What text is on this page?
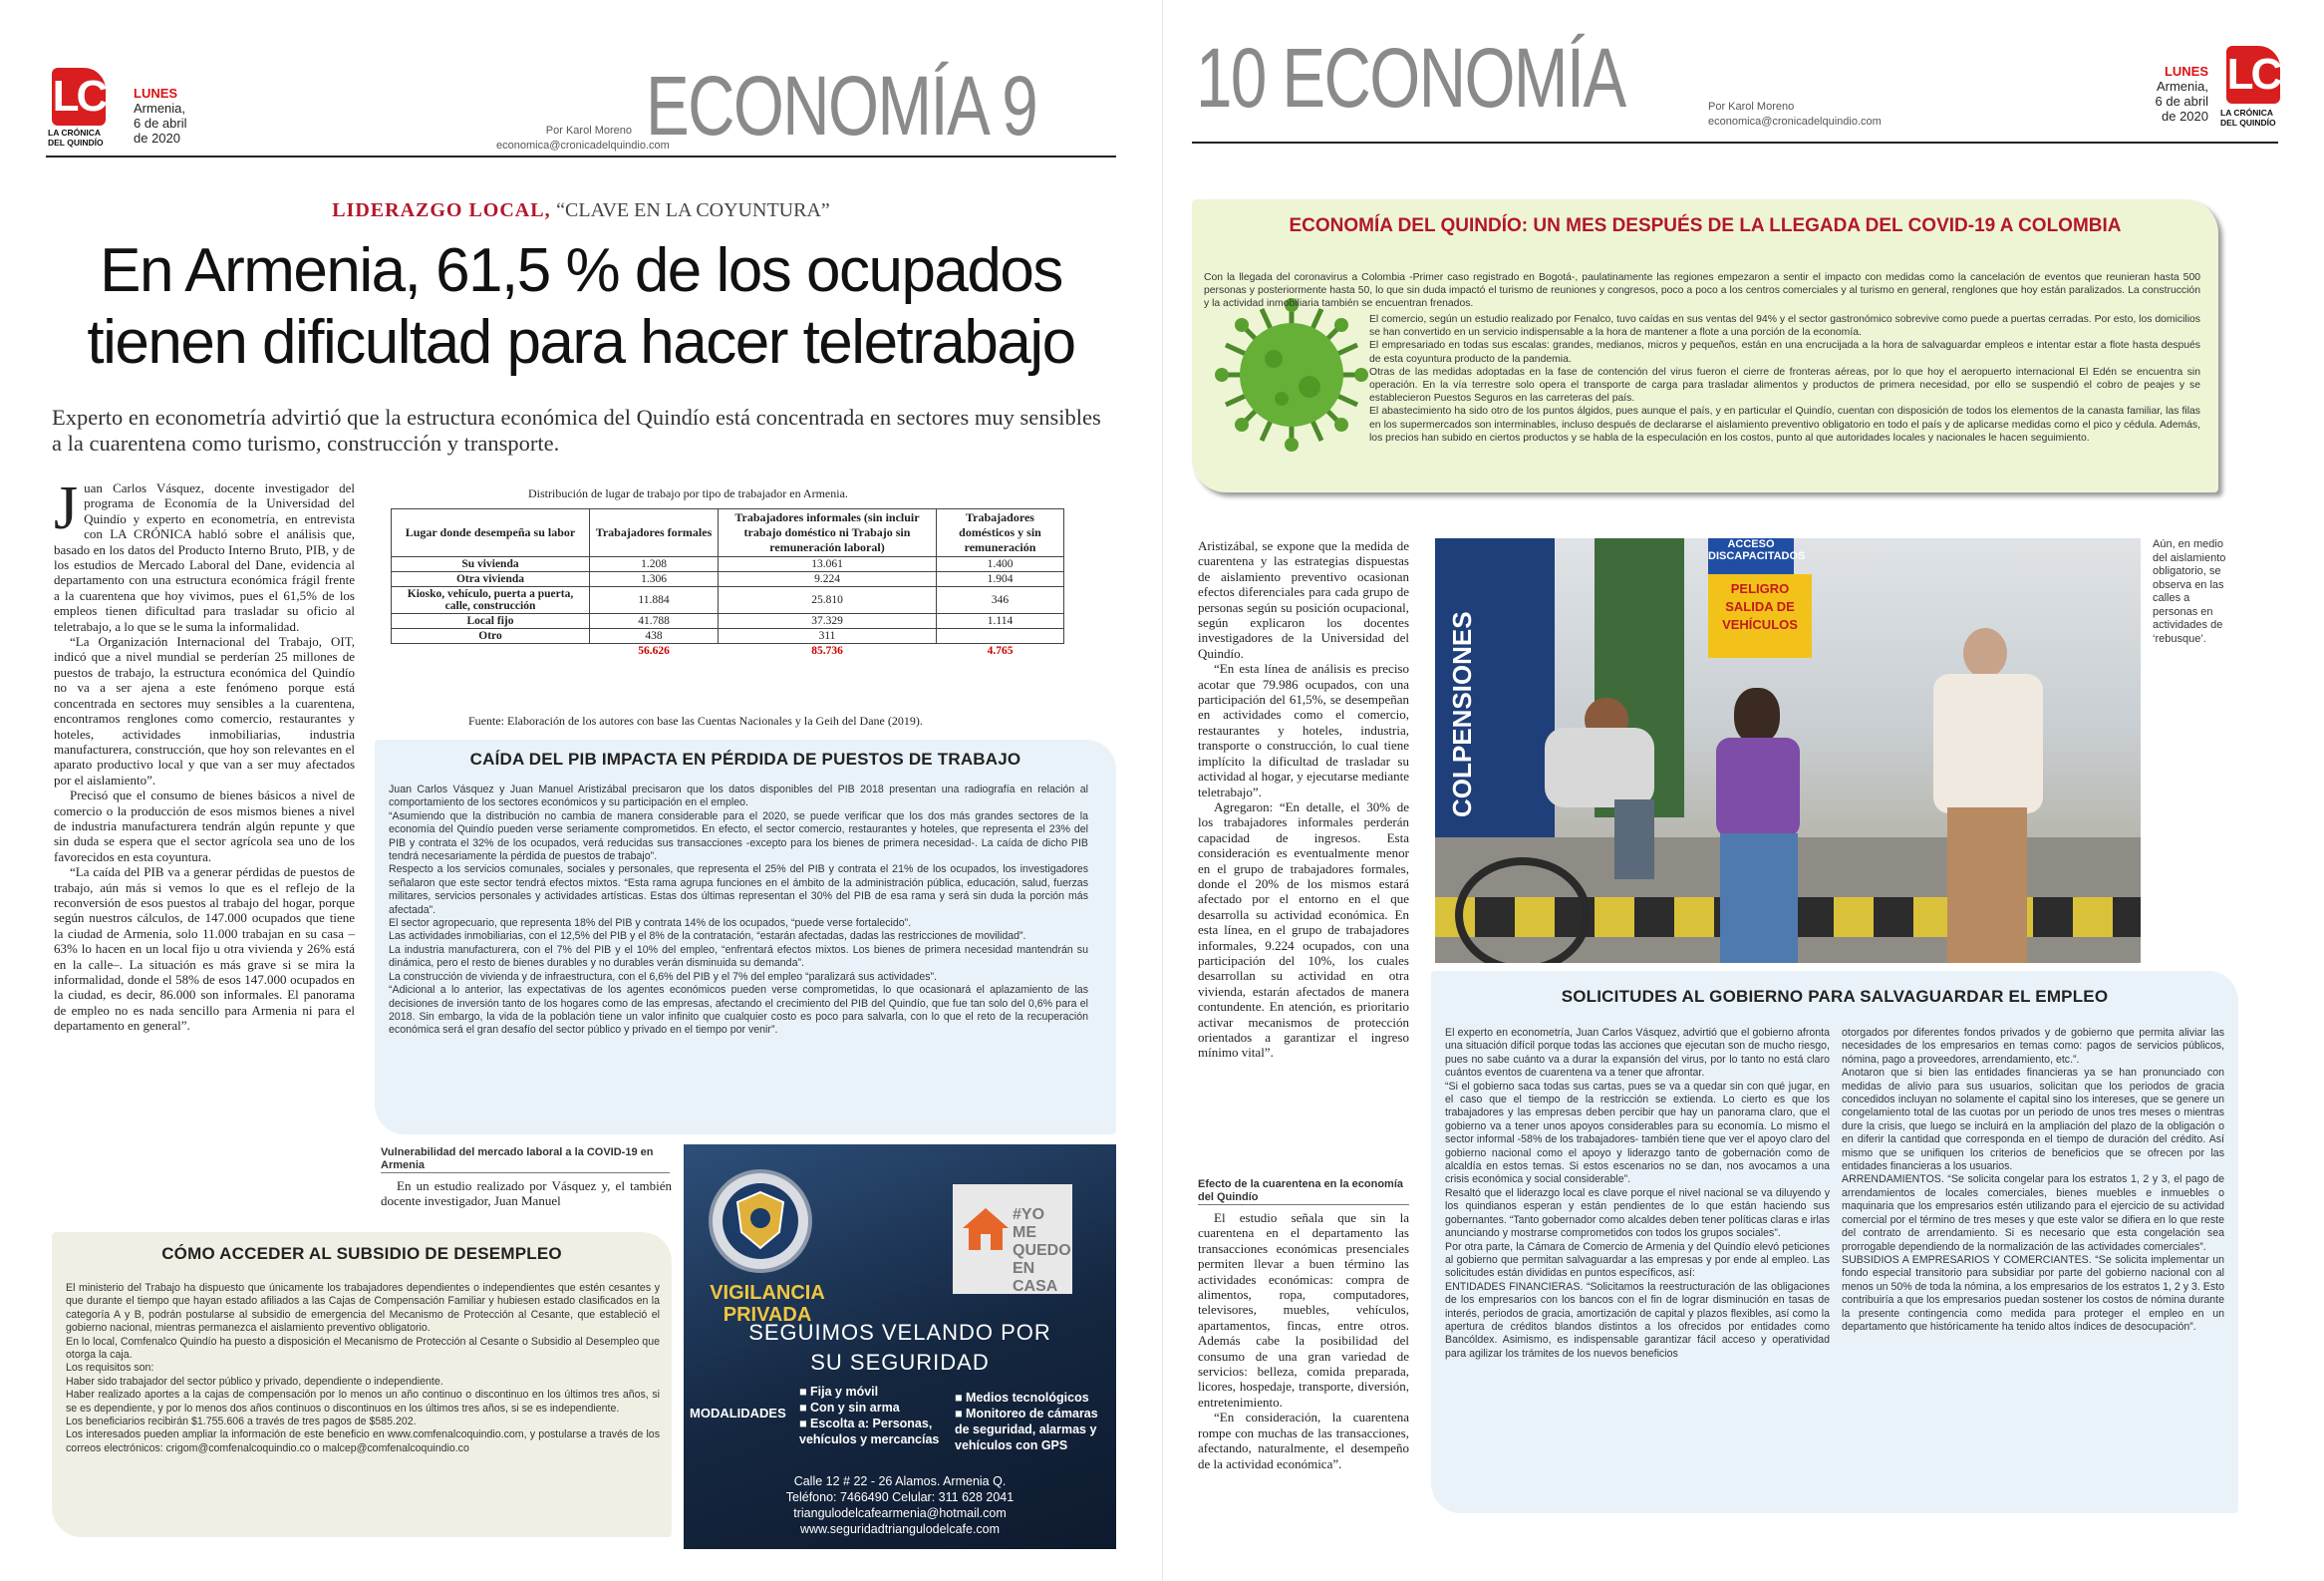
LC
LA CRÓNICA DEL QUINDÍO
LUNES
Armenia,
6 de abril
de 2020	Por Karol Moreno
economica@cronicadelquindio.com
ECONOMÍA 9
LIDERAZGO LOCAL, “CLAVE EN LA COYUNTURA”
En Armenia, 61,5 % de los ocupados
tienen dificultad para hacer teletrabajo
Experto en econometría advirtió que la estructura económica del Quindío está concentrada en sectores muy sensibles a la cuarentena como turismo, construcción y transporte.
J uan Carlos Vásquez, docente investigador del programa de Economía de la Universidad del Quindío y experto en econometría, en entrevista con LA CRÓNICA habló sobre el análisis que, basado en los datos del Producto Interno Bruto, PIB, y de los estudios de Mercado Laboral del Dane, evidencia al departamento con una estructura económica frágil frente a la cuarentena que hoy vivimos, pues el 61,5% de los empleos tienen dificultad para trasladar su oficio al teletrabajo, a lo que se le suma la informalidad.

“La Organización Internacional del Trabajo, OIT, indicó que a nivel mundial se perderían 25 millones de puestos de trabajo, la estructura económica del Quindío no va a ser ajena a este fenómeno porque está concentrada en sectores muy sensibles a la cuarentena, encontramos renglones como comercio, restaurantes y hoteles, actividades inmobiliarias, industria manufacturera, construcción, que hoy son relevantes en el aparato productivo local y que van a ser muy afectados por el aislamiento”.

Precisó que el consumo de bienes básicos a nivel de comercio o la producción de esos mismos bienes a nivel de industria manufacturera tendrán algún repunte y que sin duda se espera que el sector agrícola sea uno de los favorecidos en esta coyuntura.

“La caída del PIB va a generar pérdidas de puestos de trabajo, aún más si vemos lo que es el reflejo de la reconversión de esos puestos al trabajo del hogar, porque según nuestros cálculos, de 147.000 ocupados que tiene la ciudad de Armenia, solo 11.000 trabajan en su casa –63% lo hacen en un local fijo u otra vivienda y 26% está en la calle–. La situación es más grave si se mira la informalidad, donde el 58% de esos 147.000 ocupados en la ciudad, es decir, 86.000 son informales. El panorama de empleo no es nada sencillo para Armenia ni para el departamento en general”.

Distribución de lugar de trabajo por tipo de trabajador en Armenia.
Lugar donde desempeña su labor	Trabajadores formales	Trabajadores informales (sin incluir trabajo doméstico ni Trabajo sin remuneración laboral)	Trabajadores domésticos y sin remuneración
Su vivienda	1.208	13.061	1.400
Otra vivienda	1.306	9.224	1.904
Kiosko, vehículo, puerta a puerta, calle, construcción	11.884	25.810	346
Local fijo	41.788	37.329	1.114
Otro	438	311	
	56.626	85.736	4.765
Fuente: Elaboración de los autores con base las Cuentas Nacionales y la Geih del Dane (2019).
CAÍDA DEL PIB IMPACTA EN PÉRDIDA DE PUESTOS DE TRABAJO

Juan Carlos Vásquez y Juan Manuel Aristizábal precisaron que los datos disponibles del PIB 2018 presentan una radiografía en relación al comportamiento de los sectores económicos y su participación en el empleo.

“Asumiendo que la distribución no cambia de manera considerable para el 2020, se puede verificar que los dos más grandes sectores de la economía del Quindío pueden verse seriamente comprometidos. En efecto, el sector comercio, restaurantes y hoteles, que representa el 23% del PIB y contrata el 32% de los ocupados, verá reducidas sus transacciones -excepto para los bienes de primera necesidad-. La caída de dicho PIB tendrá necesariamente la pérdida de puestos de trabajo”.

Respecto a los servicios comunales, sociales y personales, que representa el 25% del PIB y contrata el 21% de los ocupados, los investigadores señalaron que este sector tendrá efectos mixtos. “Esta rama agrupa funciones en el ámbito de la administración pública, educación, salud, fuerzas militares, servicios personales y actividades artísticas. Estas dos últimas representan el 30% del PIB de esa rama y será sin duda la porción más afectada”.

El sector agropecuario, que representa 18% del PIB y contrata 14% de los ocupados, “puede verse fortalecido”.

Las actividades inmobiliarias, con el 12,5% del PIB y el 8% de la contratación, “estarán afectadas, dadas las restricciones de movilidad”.

La industria manufacturera, con el 7% del PIB y el 10% del empleo, “enfrentará efectos mixtos. Los bienes de primera necesidad mantendrán su dinámica, pero el resto de bienes durables y no durables verán disminuida su demanda”.

La construcción de vivienda y de infraestructura, con el 6,6% del PIB y el 7% del empleo “paralizará sus actividades”.

“Adicional a lo anterior, las expectativas de los agentes económicos pueden verse comprometidas, lo que ocasionará el aplazamiento de las decisiones de inversión tanto de los hogares como de las empresas, afectando el crecimiento del PIB del Quindío, que fue tan solo del 0,6% para el 2018. Sin embargo, la vida de la población tiene un valor infinito que cualquier costo es poco para salvarla, con lo que el reto de la recuperación económica será el gran desafío del sector público y privado en el tiempo por venir”.

Vulnerabilidad del mercado laboral a la COVID-19 en Armenia

En un estudio realizado por Vásquez y, el también docente investigador, Juan Manuel

CÓMO ACCEDER AL SUBSIDIO DE DESEMPLEO

El ministerio del Trabajo ha dispuesto que únicamente los trabajadores dependientes o independientes que estén cesantes y que durante el tiempo que hayan estado afiliados a las Cajas de Compensación Familiar y hubiesen estado clasificados en la categoría A y B, podrán postularse al subsidio de emergencia del Mecanismo de Protección al Cesante, que estableció el gobierno nacional, mientras permanezca el aislamiento preventivo obligatorio.

En lo local, Comfenalco Quindío ha puesto a disposición el Mecanismo de Protección al Cesante o Subsidio al Desempleo que otorga la caja.

Los requisitos son:

Haber sido trabajador del sector público y privado, dependiente o independiente.

Haber realizado aportes a la cajas de compensación por lo menos un año continuo o discontinuo en los últimos tres años, si se es dependiente, y por lo menos dos años continuos o discontinuos en los últimos tres años, si se es independiente.

Los beneficiarios recibirán $1.755.606 a través de tres pagos de $585.202.

Los interesados pueden ampliar la información de este beneficio en www.comfenalcoquindio.com, y postularse a través de los correos electrónicos: crigom@comfenalcoquindio.co o malcep@comfenalcoquindio.co

VIGILANCIA PRIVADA
#YO ME QUEDO EN CASA
SEGUIMOS VELANDO POR
SU SEGURIDAD
MODALIDADES
■ Fija y móvil
■ Con y sin arma
■ Escolta a: Personas, vehículos y mercancías
■ Medios tecnológicos
■ Monitoreo de cámaras de seguridad, alarmas y vehículos con GPS
Calle 12 # 22 - 26 Alamos. Armenia Q.
Teléfono: 7466490 Celular: 311 628 2041
triangulodelcafearmenia@hotmail.com
www.seguridadtriangulodelcafe.com
10 ECONOMÍA	Por Karol Moreno
economica@cronicadelquindio.com
LUNES
Armenia,
6 de abril
de 2020
LC
LA CRÓNICA DEL QUINDÍO
ECONOMÍA DEL QUINDÍO: UN MES DESPUÉS DE LA LLEGADA DEL COVID-19 A COLOMBIA
Con la llegada del coronavirus a Colombia -Primer caso registrado en Bogotá-, paulatinamente las regiones empezaron a sentir el impacto con medidas como la cancelación de eventos que reunieran hasta 500 personas y posteriormente hasta 50, lo que sin duda impactó el turismo de reuniones y congresos, poco a poco a los centros comerciales y al turismo en general, renglones que hoy están paralizados. La construcción y la actividad inmobiliaria también se encuentran frenados.

El comercio, según un estudio realizado por Fenalco, tuvo caídas en sus ventas del 94% y el sector gastronómico sobrevive como puede a puertas cerradas. Por esto, los domicilios se han convertido en un servicio indispensable a la hora de mantener a flote a una porción de la economía.

El empresariado en todas sus escalas: grandes, medianos, micros y pequeños, están en una encrucijada a la hora de salvaguardar empleos e intentar estar a flote hasta después de esta coyuntura producto de la pandemia.

Otras de las medidas adoptadas en la fase de contención del virus fueron el cierre de fronteras aéreas, por lo que hoy el aeropuerto internacional El Edén se encuentra sin operación. En la vía terrestre solo opera el transporte de carga para trasladar alimentos y productos de primera necesidad, por ello se suspendió el cobro de peajes y se establecieron Puestos Seguros en las carreteras del país.

El abastecimiento ha sido otro de los puntos álgidos, pues aunque el país, y en particular el Quindío, cuentan con disposición de todos los elementos de la canasta familiar, las filas en los supermercados son interminables, incluso después de declararse el aislamiento preventivo obligatorio en todo el país y de aplicarse medidas como el pico y cédula. Además, los precios han subido en ciertos productos y se habla de la especulación en los costos, punto al que autoridades locales y nacionales le hacen seguimiento.

Aristizábal, se expone que la medida de cuarentena y las estrategias dispuestas de aislamiento preventivo ocasionan efectos diferenciales para cada grupo de personas según su posición ocupacional, según explicaron los docentes investigadores de la Universidad del Quindío.

“En esta línea de análisis es preciso acotar que 79.986 ocupados, con una participación del 61,5%, se desempeñan en actividades como el comercio, restaurantes y hoteles, industria, transporte o construcción, lo cual tiene implícito la dificultad de trasladar su actividad al hogar, y ejecutarse mediante teletrabajo”.

Agregaron: “En detalle, el 30% de los trabajadores informales perderán capacidad de ingresos. Esta consideración es eventualmente menor en el grupo de trabajadores formales, donde el 20% de los mismos estará afectado por el entorno en el que desarrolla su actividad económica. En esta línea, en el grupo de trabajadores informales, 9.224 ocupados, con una participación del 10%, los cuales desarrollan su actividad en otra vivienda, estarán afectados de manera contundente. En atención, es prioritario activar mecanismos de protección orientados a garantizar el ingreso mínimo vital”.

Efecto de la cuarentena en la economía del Quindío

El estudio señala que sin la cuarentena en el departamento las transacciones económicas presenciales permiten llevar a buen término las actividades económicas: compra de alimentos, ropa, computadores, televisores, muebles, vehículos, apartamentos, fincas, entre otros. Además cabe la posibilidad del consumo de una gran variedad de servicios: belleza, comida preparada, licores, hospedaje, transporte, diversión, entretenimiento.

“En consideración, la cuarentena rompe con muchas de las transacciones, afectando, naturalmente, el desempeño de la actividad económica”.

COLPENSIONES
ACCESO DISCAPACITADOS
PELIGRO SALIDA DE VEHÍCULOS
Aún, en medio del aislamiento obligatorio, se observa en las calles a personas en actividades de ‘rebusque’.
SOLICITUDES AL GOBIERNO PARA SALVAGUARDAR EL EMPLEO

El experto en econometría, Juan Carlos Vásquez, advirtió que el gobierno afronta una situación difícil porque todas las acciones que ejecutan son de mucho riesgo, pues no sabe cuánto va a durar la expansión del virus, por lo tanto no está claro cuántos eventos de cuarentena va a tener que afrontar.

“Si el gobierno saca todas sus cartas, pues se va a quedar sin con qué jugar, en el caso que el tiempo de la restricción se extienda. Lo cierto es que los trabajadores y las empresas deben percibir que hay un panorama claro, que el gobierno va a tener unos apoyos considerables para su economía. Lo mismo el sector informal -58% de los trabajadores- también tiene que ver el apoyo claro del gobierno nacional como el apoyo y liderazgo tanto de gobernación como de alcaldía en estos temas. Si estos escenarios no se dan, nos avocamos a una crisis económica y social considerable”.

Resaltó que el liderazgo local es clave porque el nivel nacional se va diluyendo y los quindianos esperan y están pendientes de lo que están haciendo sus gobernantes. “Tanto gobernador como alcaldes deben tener políticas claras e irlas anunciando y mostrarse comprometidos con todos los grupos sociales”.

Por otra parte, la Cámara de Comercio de Armenia y del Quindío elevó peticiones al gobierno que permitan salvaguardar a las empresas y por ende al empleo. Las solicitudes están divididas en puntos específicos, así:

ENTIDADES FINANCIERAS. “Solicitamos la reestructuración de las obligaciones de los empresarios con los bancos con el fin de lograr disminución en tasas de interés, periodos de gracia, amortización de capital y plazos flexibles, así como la apertura de créditos blandos distintos a los ofrecidos por entidades como Bancóldex. Asimismo, es indispensable garantizar fácil acceso y operatividad para agilizar los trámites de los nuevos beneficios

otorgados por diferentes fondos privados y de gobierno que permita aliviar las necesidades de los empresarios en temas como: pagos de servicios públicos, nómina, pago a proveedores, arrendamiento, etc.”.

Anotaron que si bien las entidades financieras ya se han pronunciado con medidas de alivio para sus usuarios, solicitan que los periodos de gracia concedidos incluyan no solamente el capital sino los intereses, que se genere un congelamiento total de las cuotas por un periodo de unos tres meses o mientras dure la crisis, que luego se incluirá en la ampliación del plazo de la obligación o en diferir la cantidad que corresponda en el tiempo de duración del crédito. Así mismo que se unifiquen los criterios de beneficios que se ofrecen por las entidades financieras a los usuarios.

ARRENDAMIENTOS. “Se solicita congelar para los estratos 1, 2 y 3, el pago de arrendamientos de locales comerciales, bienes muebles e inmuebles o maquinaria que los empresarios estén utilizando para el ejercicio de su actividad comercial por el término de tres meses y que este valor se difiera en lo que reste del contrato de arrendamiento. Si es necesario que esta congelación sea prorrogable dependiendo de la normalización de las actividades comerciales”.

SUBSIDIOS A EMPRESARIOS Y COMERCIANTES. “Se solicita implementar un fondo especial transitorio para subsidiar por parte del gobierno nacional con al menos un 50% de toda la nómina, a los empresarios de los estratos 1, 2 y 3. Esto contribuiría a que los empresarios puedan sostener los costos de nómina durante la presente contingencia como medida para proteger el empleo en un departamento que históricamente ha tenido altos índices de desocupación”.
